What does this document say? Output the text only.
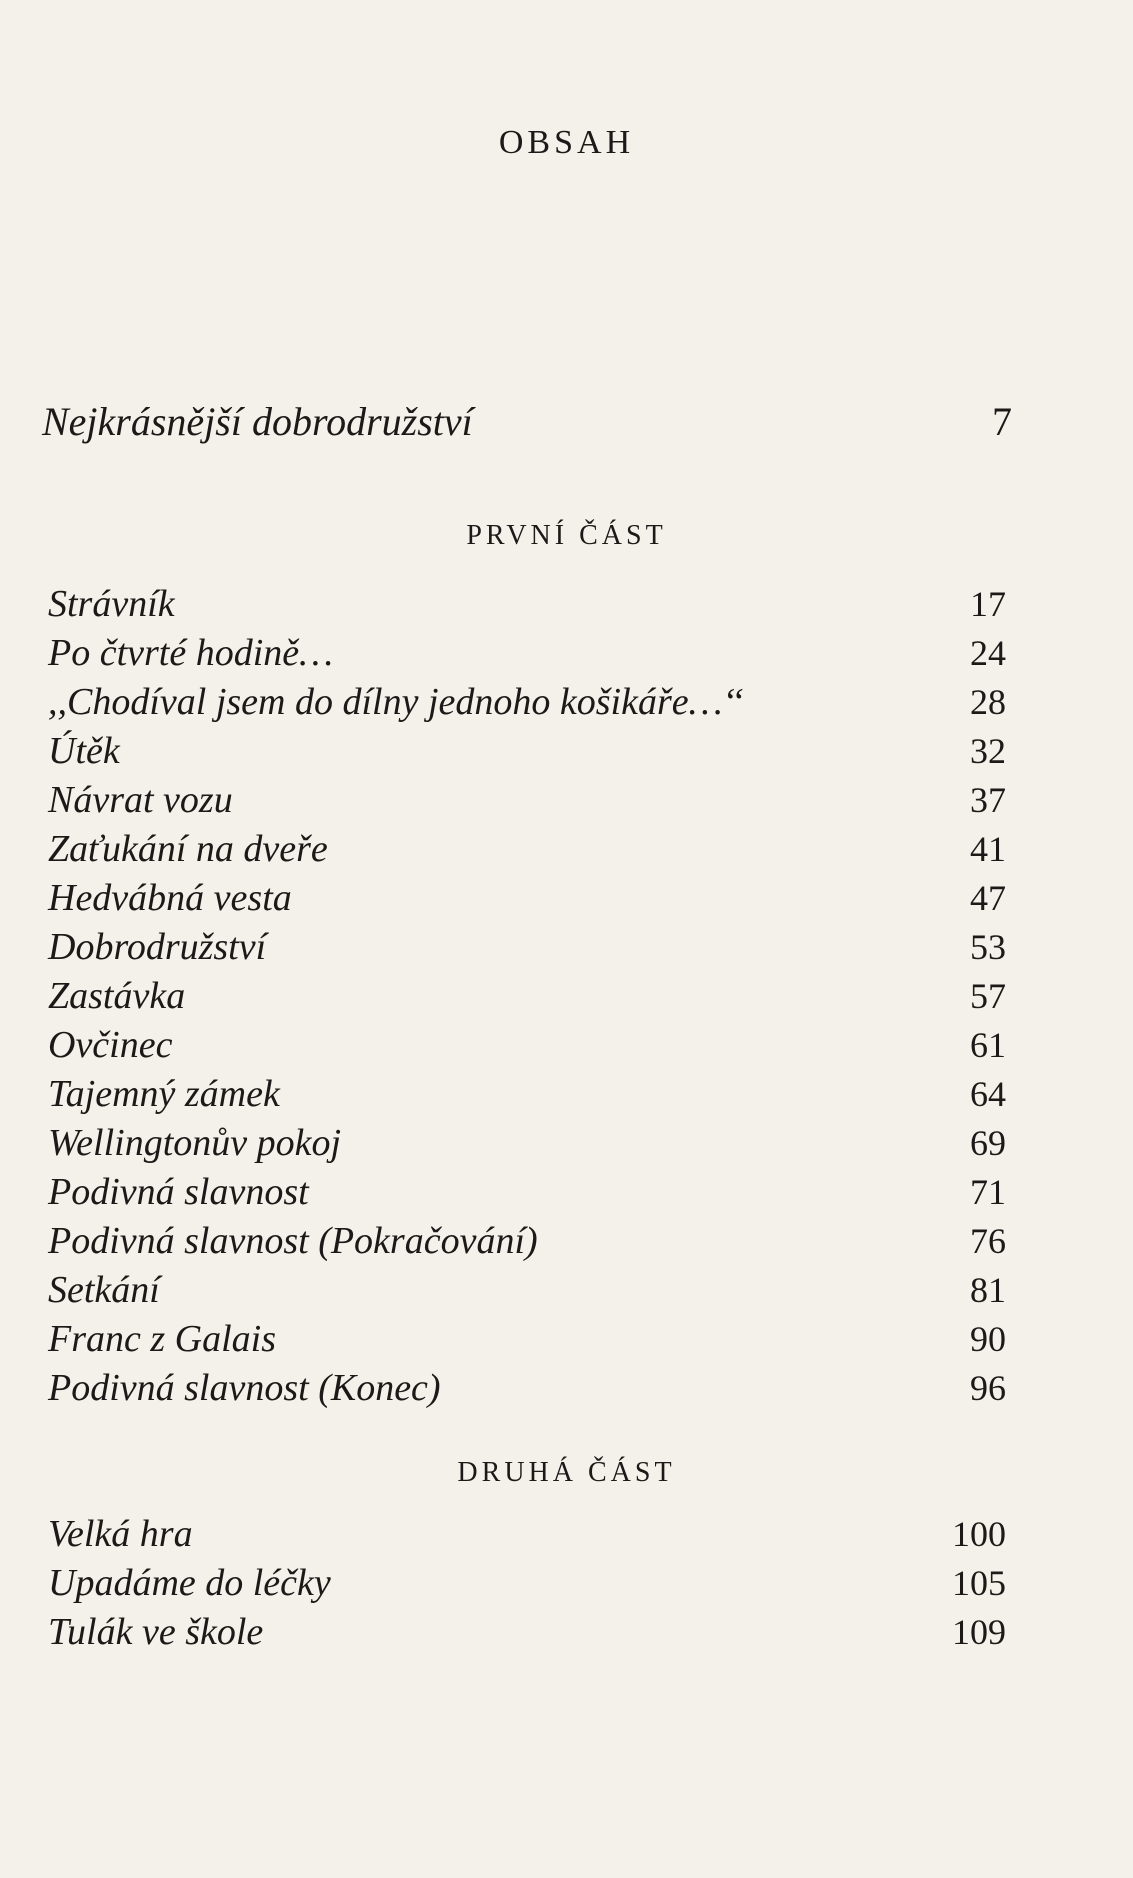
OBSAH
Nejkrásnější dobrodružství	7
PRVNÍ ČÁST
Strávník	17
Po čtvrté hodině…	24
,,Chodíval jsem do dílny jednoho košikáře…‘‘	28
Útěk	32
Návrat vozu	37
Zaťukání na dveře	41
Hedvábná vesta	47
Dobrodružství	53
Zastávka	57
Ovčinec	61
Tajemný zámek	64
Wellingtonův pokoj	69
Podivná slavnost	71
Podivná slavnost (Pokračování)	76
Setkání	81
Franc z Galais	90
Podivná slavnost (Konec)	96
DRUHÁ ČÁST
Velká hra	100
Upadáme do léčky	105
Tulák ve škole	109
